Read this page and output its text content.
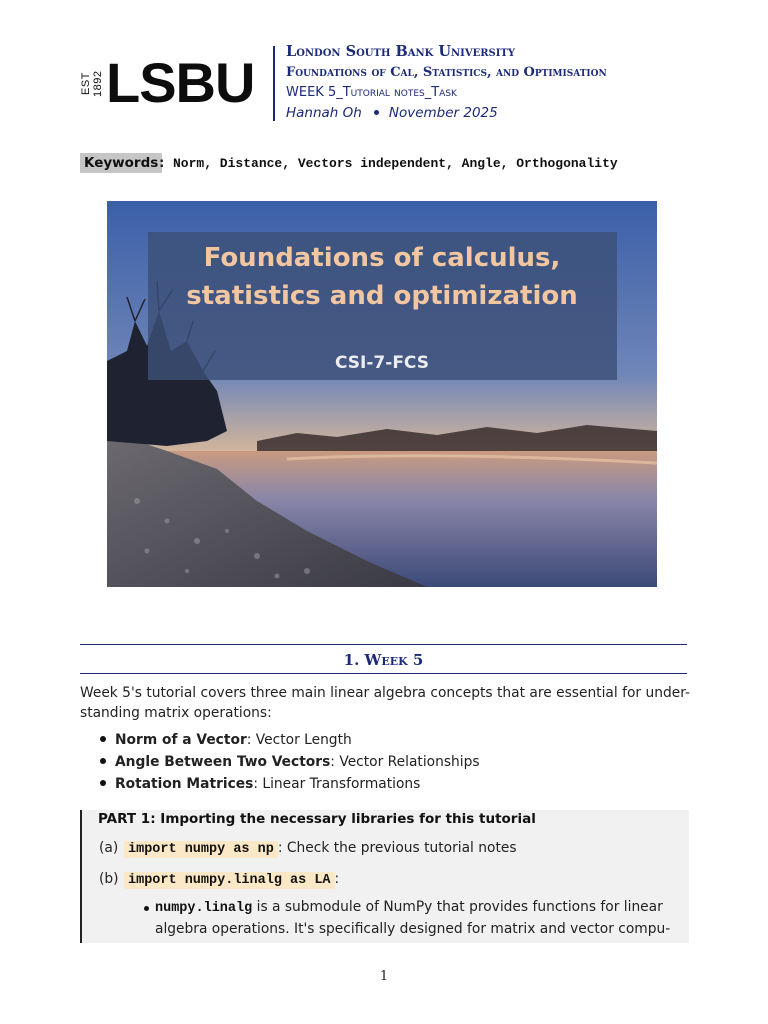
EST 1892 LSBU London South Bank University
Foundations of Cal, Statistics, and Optimisation
WEEK 5_Tutorial notes_Task
Hannah Oh November 2025
Keywords : Norm, Distance, Vectors independent, Angle, Orthogonality
Foundations of calculus,
statistics and optimization
CSI-7-FCS
1. Week 5
Week 5's tutorial covers three main linear algebra concepts that are essential for under- standing matrix operations:
Norm of a Vector: Vector Length
Angle Between Two Vectors: Vector Relationships
Rotation Matrices: Linear Transformations
PART 1: Importing the necessary libraries for this tutorial
(a) import numpy as np : Check the previous tutorial notes
(b) import numpy.linalg as LA :
numpy.linalg is a submodule of NumPy that provides functions for linear algebra operations. It's specifically designed for matrix and vector compu-
1
